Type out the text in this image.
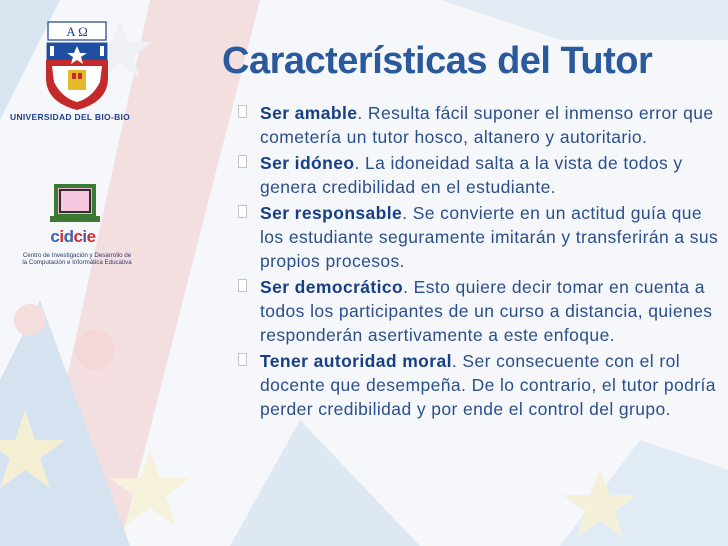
A Ω
UNIVERSIDAD DEL BIO-BIO
cidcie
Centro de Investigación y Desarrollo de la Computación e Informática Educativa
Características del Tutor
Ser amable. Resulta fácil suponer el inmenso error que cometería un tutor hosco, altanero y autoritario.
Ser idóneo. La idoneidad salta a la vista de todos y genera credibilidad en el estudiante.
Ser responsable. Se convierte en un actitud guía que los estudiante seguramente imitarán y transferirán a sus propios procesos.
Ser democrático. Esto quiere decir tomar en cuenta a todos los participantes de un curso a distancia, quienes responderán asertivamente a este enfoque.
Tener autoridad moral. Ser consecuente con el rol docente que desempeña. De lo contrario, el tutor podría perder credibilidad y por ende el control del grupo.
